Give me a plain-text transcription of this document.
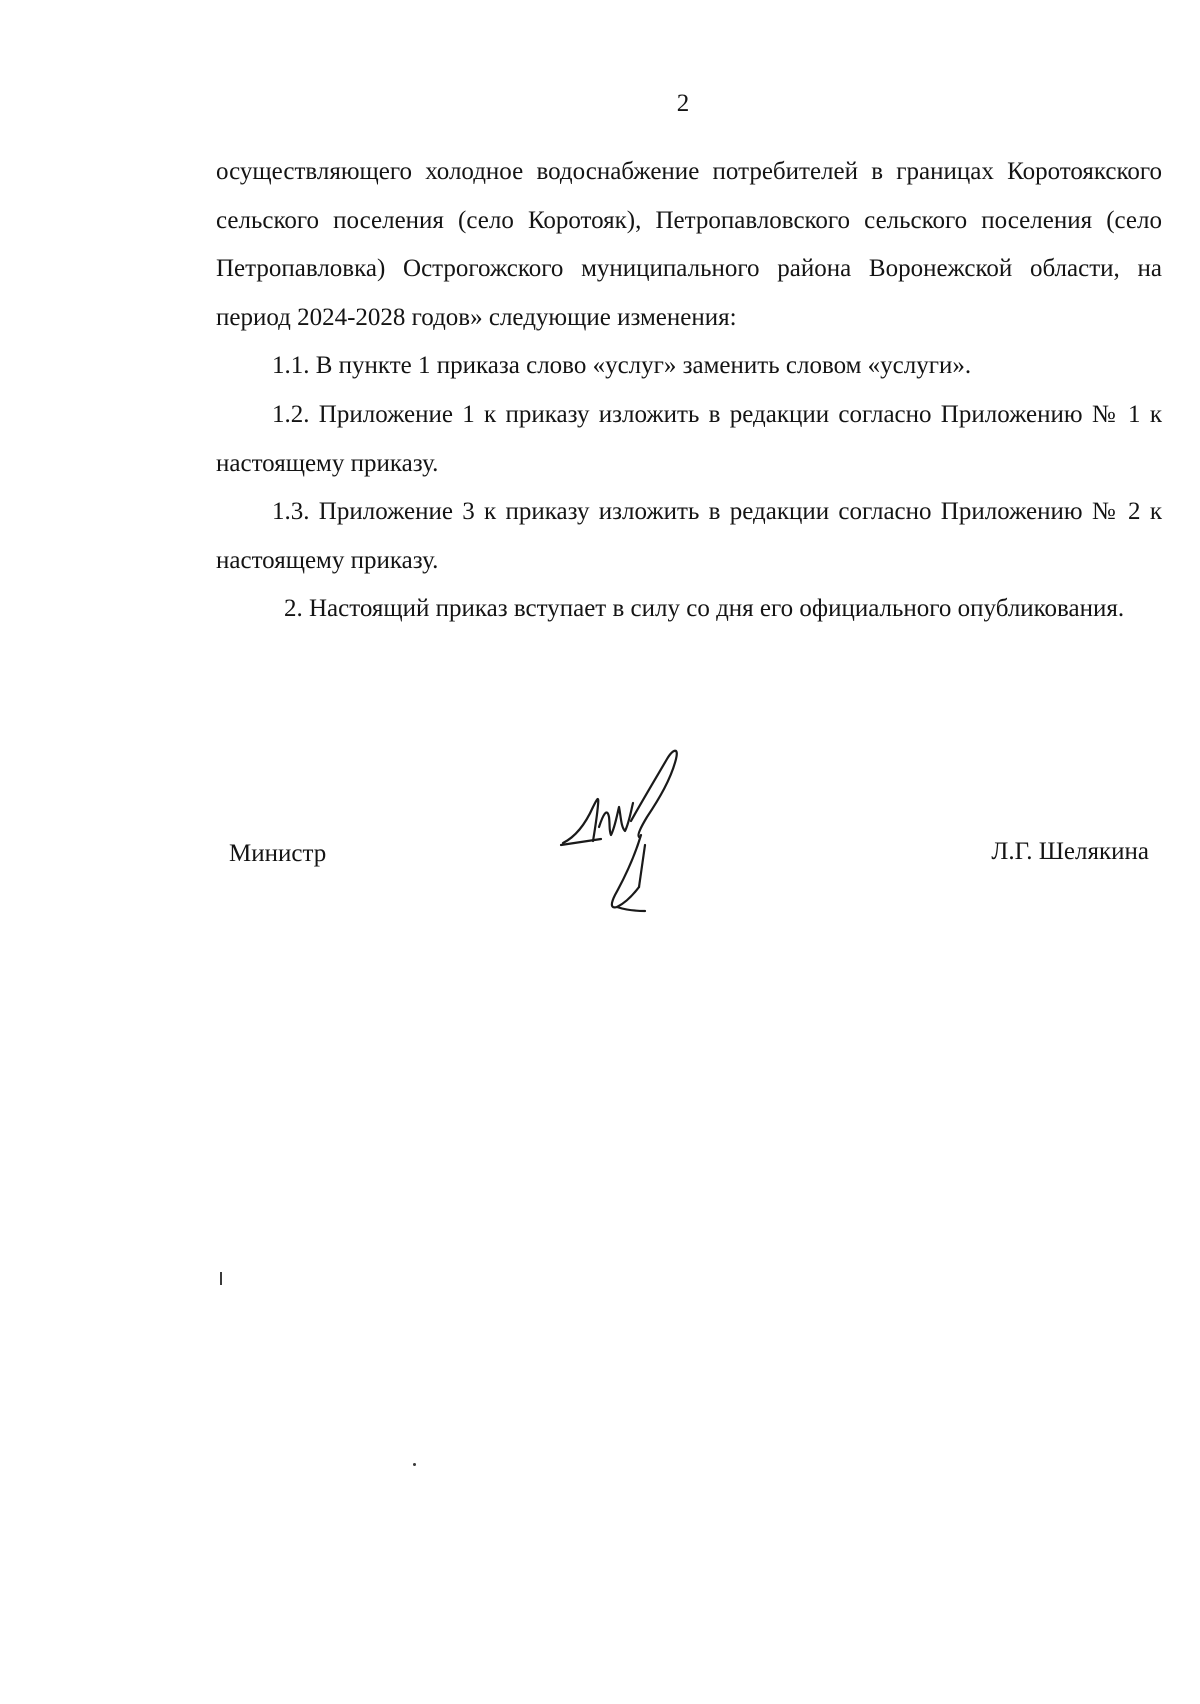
2

осуществляющего холодное водоснабжение потребителей в границах Коротоякского сельского поселения (село Коротояк), Петропавловского сельского поселения (село Петропавловка) Острогожского муниципального района Воронежской области, на период 2024-2028 годов» следующие изменения:

1.1. В пункте 1 приказа слово «услуг» заменить словом «услуги».

1.2. Приложение 1 к приказу изложить в редакции согласно Приложению № 1 к настоящему приказу.

1.3. Приложение 3 к приказу изложить в редакции согласно Приложению № 2 к настоящему приказу.

2. Настоящий приказ вступает в силу со дня его официального опубликования.

Министр	Л.Г. Шелякина
